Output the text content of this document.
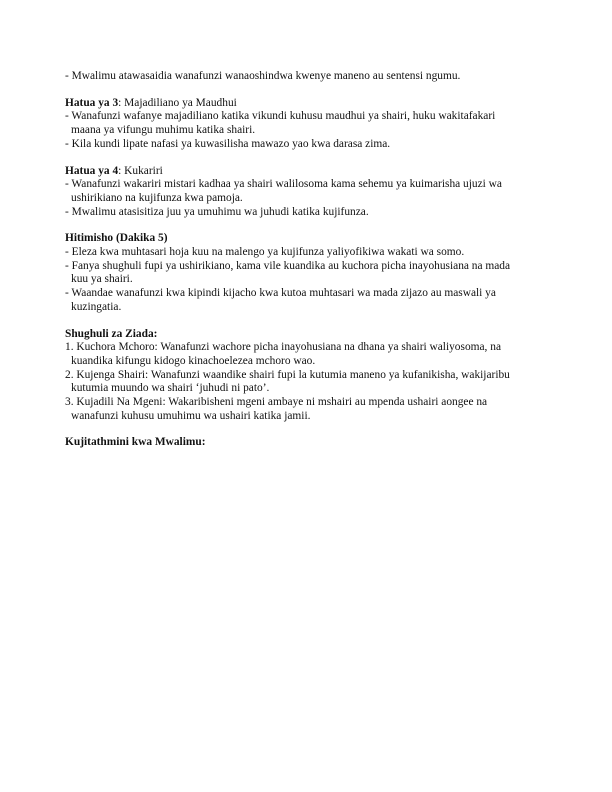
- Mwalimu atawasaidia wanafunzi wanaoshindwa kwenye maneno au sentensi ngumu.

Hatua ya 3: Majadiliano ya Maudhui

- Wanafunzi wafanye majadiliano katika vikundi kuhusu maudhui ya shairi, huku wakitafakari

maana ya vifungu muhimu katika shairi.

- Kila kundi lipate nafasi ya kuwasilisha mawazo yao kwa darasa zima.

Hatua ya 4: Kukariri

- Wanafunzi wakariri mistari kadhaa ya shairi walilosoma kama sehemu ya kuimarisha ujuzi wa

ushirikiano na kujifunza kwa pamoja.

- Mwalimu atasisitiza juu ya umuhimu wa juhudi katika kujifunza.

Hitimisho (Dakika 5)

- Eleza kwa muhtasari hoja kuu na malengo ya kujifunza yaliyofikiwa wakati wa somo.

- Fanya shughuli fupi ya ushirikiano, kama vile kuandika au kuchora picha inayohusiana na mada

kuu ya shairi.

- Waandae wanafunzi kwa kipindi kijacho kwa kutoa muhtasari wa mada zijazo au maswali ya

kuzingatia.

Shughuli za Ziada:

1. Kuchora Mchoro: Wanafunzi wachore picha inayohusiana na dhana ya shairi waliyosoma, na

kuandika kifungu kidogo kinachoelezea mchoro wao.

2. Kujenga Shairi: Wanafunzi waandike shairi fupi la kutumia maneno ya kufanikisha, wakijaribu

kutumia muundo wa shairi ‘juhudi ni pato’.

3. Kujadili Na Mgeni: Wakaribisheni mgeni ambaye ni mshairi au mpenda ushairi aongee na

wanafunzi kuhusu umuhimu wa ushairi katika jamii.

Kujitathmini kwa Mwalimu:
